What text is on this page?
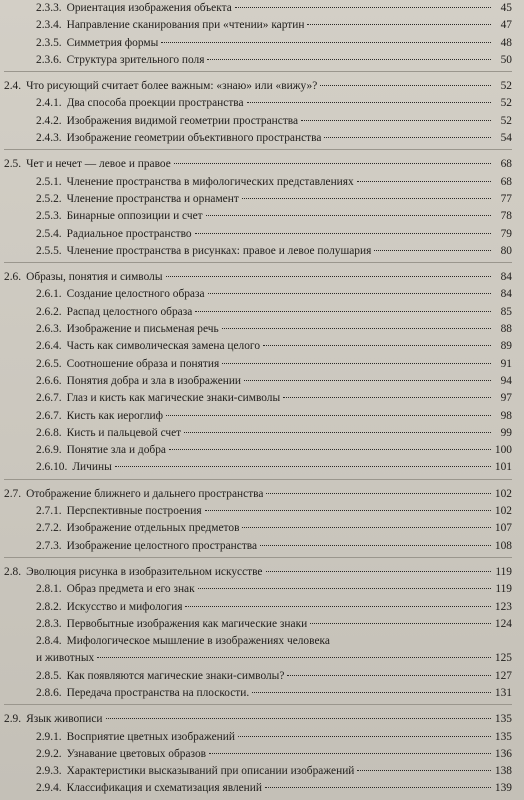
2.3.3. Ориентация изображения объекта	45
2.3.4. Направление сканирования при «чтении» картин	47
2.3.5. Симметрия формы	48
2.3.6. Структура зрительного поля	50
2.4. Что рисующий считает более важным: «знаю» или «вижу»?	52
2.4.1. Два способа проекции пространства	52
2.4.2. Изображения видимой геометрии пространства	52
2.4.3. Изображение геометрии объективного пространства	54
2.5. Чет и нечет — левое и правое	68
2.5.1. Членение пространства в мифологических представлениях	68
2.5.2. Членение пространства и орнамент	77
2.5.3. Бинарные оппозиции и счет	78
2.5.4. Радиальное пространство	79
2.5.5. Членение пространства в рисунках: правое и левое полушария	80
2.6. Образы, понятия и символы	84
2.6.1. Создание целостного образа	84
2.6.2. Распад целостного образа	85
2.6.3. Изображение и письменая речь	88
2.6.4. Часть как символическая замена целого	89
2.6.5. Соотношение образа и понятия	91
2.6.6. Понятия добра и зла в изображении	94
2.6.7. Глаз и кисть как магические знаки-символы	97
2.6.7. Кисть как иероглиф	98
2.6.8. Кисть и пальцевой счет	99
2.6.9. Понятие зла и добра	100
2.6.10. Личины	101
2.7. Отображение ближнего и дальнего пространства	102
2.7.1. Перспективные построения	102
2.7.2. Изображение отдельных предметов	107
2.7.3. Изображение целостного пространства	108
2.8. Эволюция рисунка в изобразительном искусстве	119
2.8.1. Образ предмета и его знак	119
2.8.2. Искусство и мифология	123
2.8.3. Первобытные изображения как магические знаки	124
2.8.4. Мифологическое мышление в изображениях человека
и животных	125
2.8.5. Как появляются магические знаки-символы?	127
2.8.6. Передача пространства на плоскости.	131
2.9. Язык живописи	135
2.9.1. Восприятие цветных изображений	135
2.9.2. Узнавание цветовых образов	136
2.9.3. Характеристики высказываний при описании изображений	138
2.9.4. Классификация и схематизация явлений	139
